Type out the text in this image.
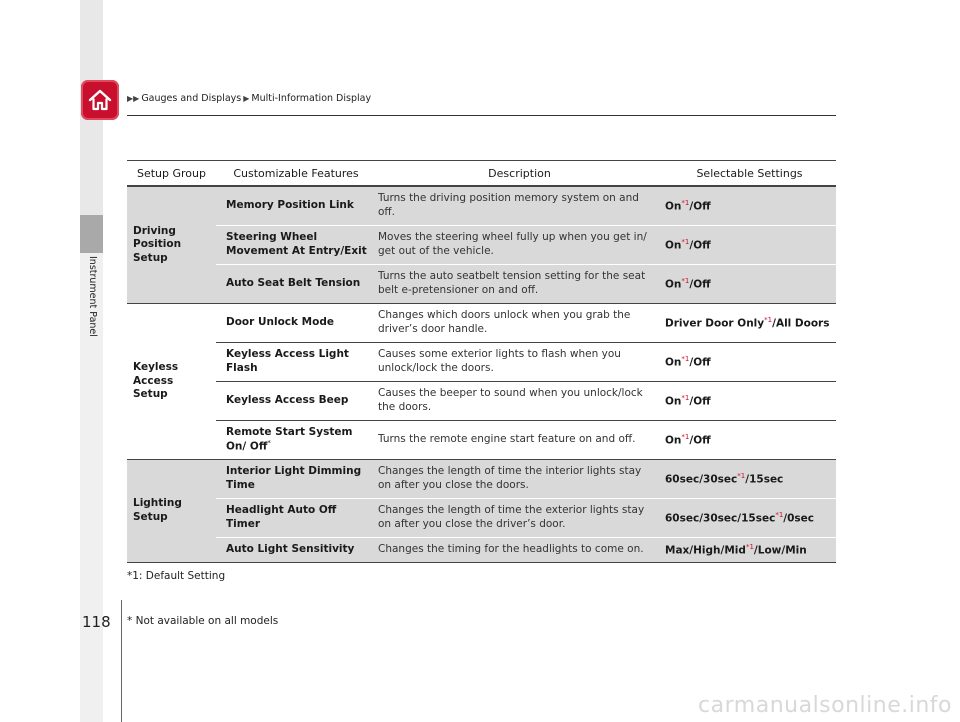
Instrument Panel
▶▶ Gauges and Displays ▶ Multi-Information Display
Setup Group	Customizable Features	Description	Selectable Settings
Driving Position Setup	Memory Position Link	Turns the driving position memory system on and off.	On$^{*1}$/Off
	Steering Wheel Movement At Entry/Exit	Moves the steering wheel fully up when you get in/ get out of the vehicle.	On$^{*1}$/Off
	Auto Seat Belt Tension	Turns the auto seatbelt tension setting for the seat belt e-pretensioner on and off.	On$^{*1}$/Off
Keyless Access Setup	Door Unlock Mode	Changes which doors unlock when you grab the driver’s door handle.	Driver Door Only$^{*1}$/All Doors
	Keyless Access Light Flash	Causes some exterior lights to flash when you unlock/lock the doors.	On$^{*1}$/Off
	Keyless Access Beep	Causes the beeper to sound when you unlock/lock the doors.	On$^{*1}$/Off
	Remote Start System On/ Off*	Turns the remote engine start feature on and off.	On$^{*1}$/Off
Lighting Setup	Interior Light Dimming Time	Changes the length of time the interior lights stay on after you close the doors.	$60\sec/30\sec^{*1}/15\sec$
	Headlight Auto Off Timer	Changes the length of time the exterior lights stay on after you close the driver’s door.	$60\sec/30\sec/15\sec^{*1}/0\sec$
	Auto Light Sensitivity	Changes the timing for the headlights to come on.	Max/High/Mid$^{*1}$/Low/Min
*1: Default Setting
118 * Not available on all models
carmanualsonline.info
